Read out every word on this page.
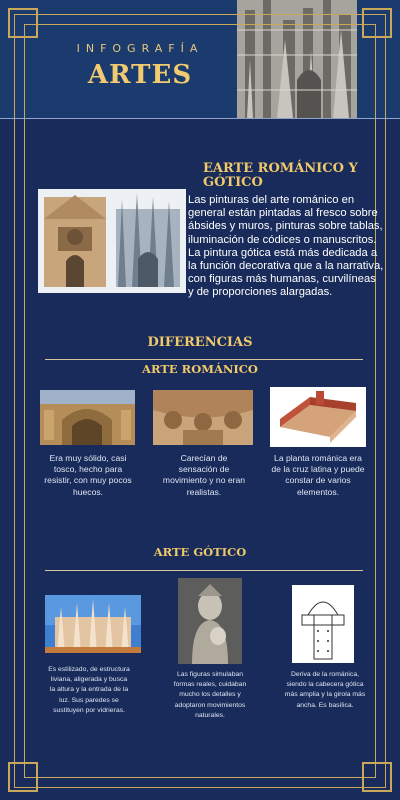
INFOGRAFÍA
ARTES
EARTE ROMÁNICO Y GÓTICO
Las pinturas del arte románico en general están pintadas al fresco sobre ábsides y muros, pinturas sobre tablas, iluminación de códices o manuscritos. La pintura gótica está más dedicada a la función decorativa que a la narrativa, con figuras más humanas, curvilíneas y de proporciones alargadas.
DIFERENCIAS
ARTE ROMÁNICO
Era muy sólido, casi tosco, hecho para resistir, con muy pocos huecos.
Carecían de sensación de movimiento y no eran realistas.
La planta románica era de la cruz latina y puede constar de varios elementos.
ARTE GÓTICO
Es estilizado, de estructura liviana, aligerada y busca la altura y la entrada de la luz. Sus paredes se sustituyen por vidrieras.
Las figuras simulaban formas reales, cuidaban mucho los detalles y adoptaron movimientos naturales.
Deriva de la románica, siendo la cabecera gótica más amplia y la girola más ancha. Es basílica.
